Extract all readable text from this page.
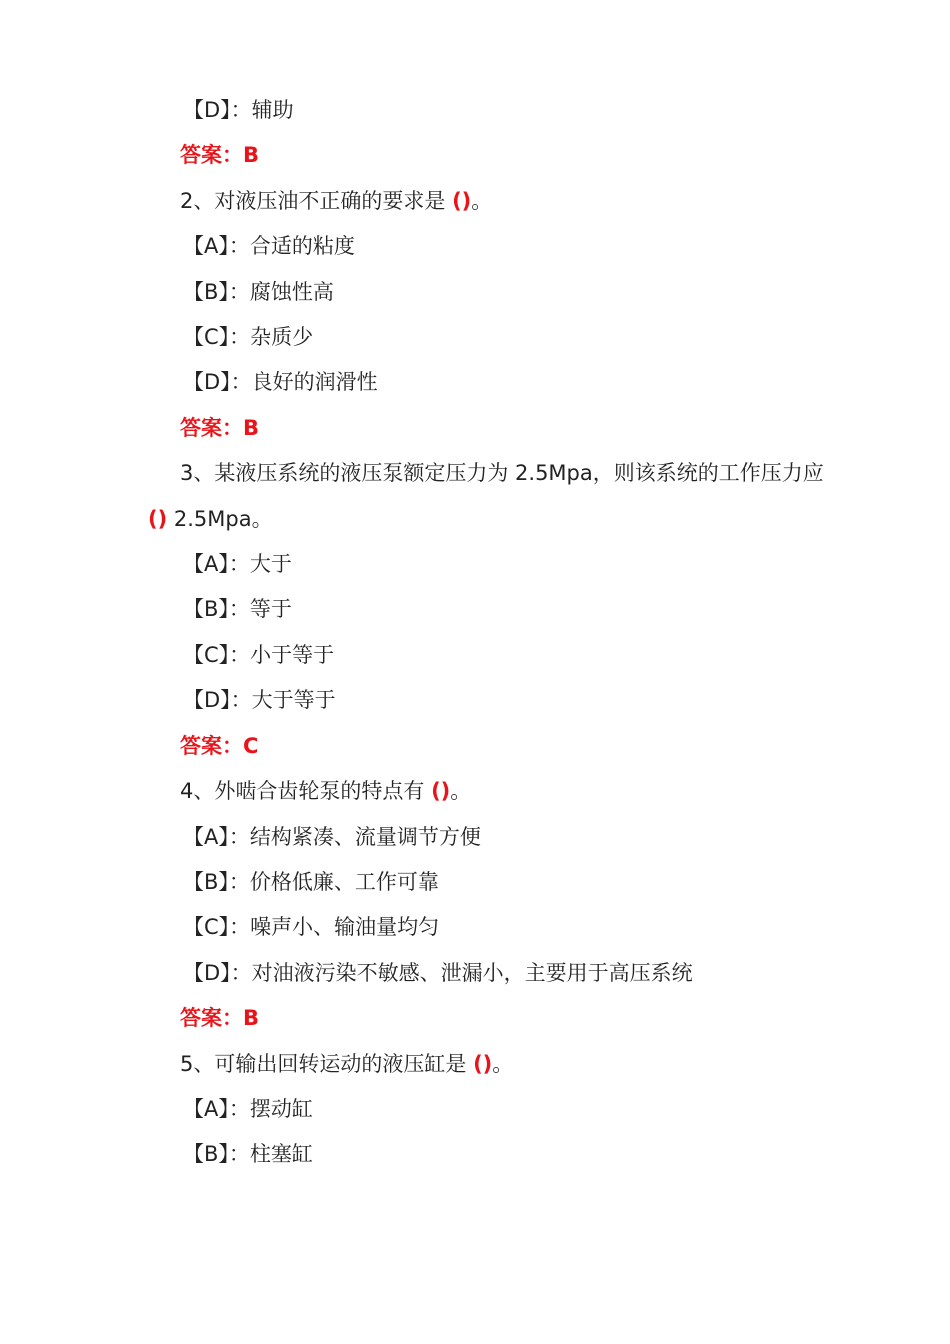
【D】：辅助
答案：B
2、对液压油不正确的要求是 ()。
【A】：合适的粘度
【B】：腐蚀性高
【C】：杂质少
【D】：良好的润滑性
答案：B
3、某液压系统的液压泵额定压力为 2.5Mpa，则该系统的工作压力应
() 2.5Mpa。
【A】：大于
【B】：等于
【C】：小于等于
【D】：大于等于
答案：C
4、外啮合齿轮泵的特点有 ()。
【A】：结构紧凑、流量调节方便
【B】：价格低廉、工作可靠
【C】：噪声小、输油量均匀
【D】：对油液污染不敏感、泄漏小，主要用于高压系统
答案：B
5、可输出回转运动的液压缸是 ()。
【A】：摆动缸
【B】：柱塞缸
